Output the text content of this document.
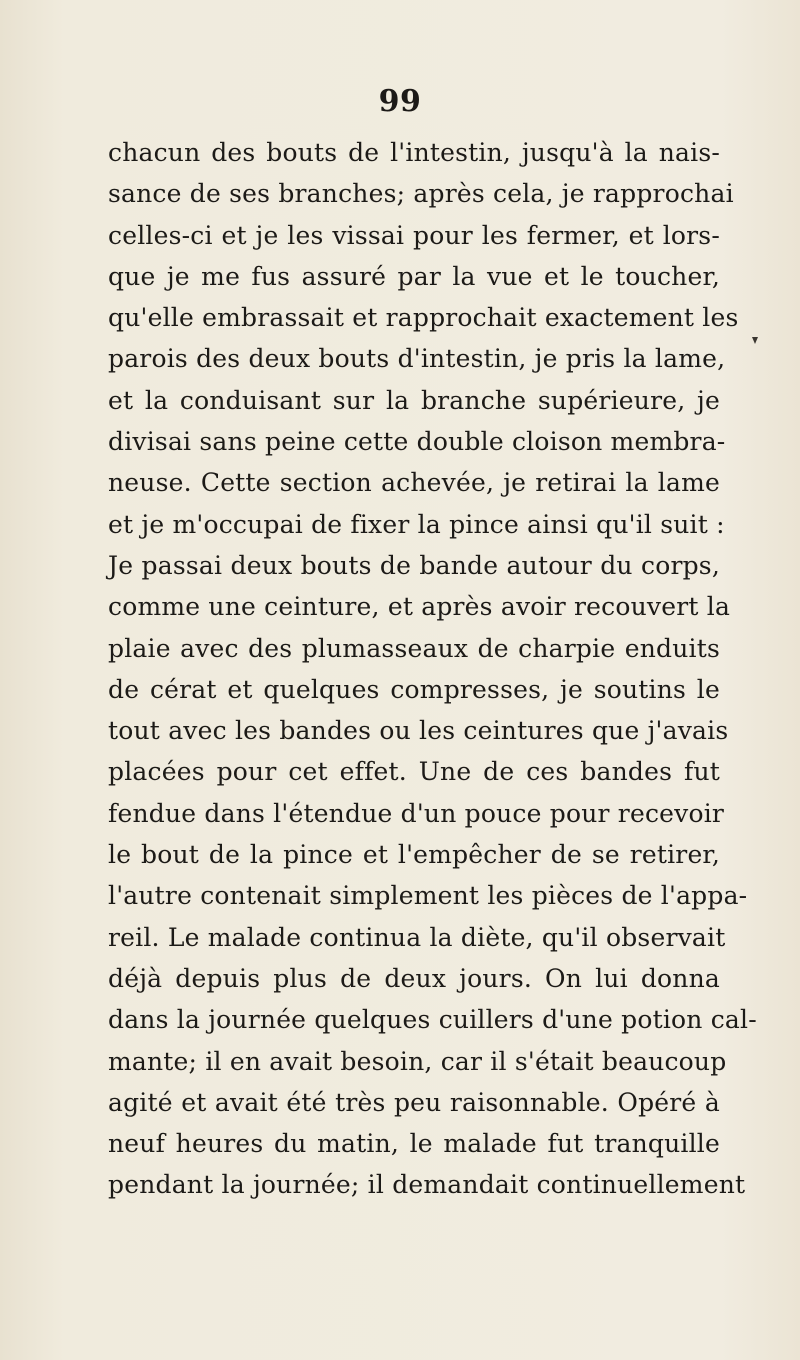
99
chacun des bouts de l'intestin, jusqu'à la nais-
sance de ses branches; après cela, je rapprochai
celles-ci et je les vissai pour les fermer, et lors-
que je me fus assuré par la vue et le toucher,
qu'elle embrassait et rapprochait exactement les
parois des deux bouts d'intestin, je pris la lame,
et la conduisant sur la branche supérieure, je
divisai sans peine cette double cloison membra-
neuse. Cette section achevée, je retirai la lame
et je m'occupai de fixer la pince ainsi qu'il suit :
Je passai deux bouts de bande autour du corps,
comme une ceinture, et après avoir recouvert la
plaie avec des plumasseaux de charpie enduits
de cérat et quelques compresses, je soutins le
tout avec les bandes ou les ceintures que j'avais
placées pour cet effet. Une de ces bandes fut
fendue dans l'étendue d'un pouce pour recevoir
le bout de la pince et l'empêcher de se retirer,
l'autre contenait simplement les pièces de l'appa-
reil. Le malade continua la diète, qu'il observait
déjà depuis plus de deux jours. On lui donna
dans la journée quelques cuillers d'une potion cal-
mante; il en avait besoin, car il s'était beaucoup
agité et avait été très peu raisonnable. Opéré à
neuf heures du matin, le malade fut tranquille
pendant la journée; il demandait continuellement
